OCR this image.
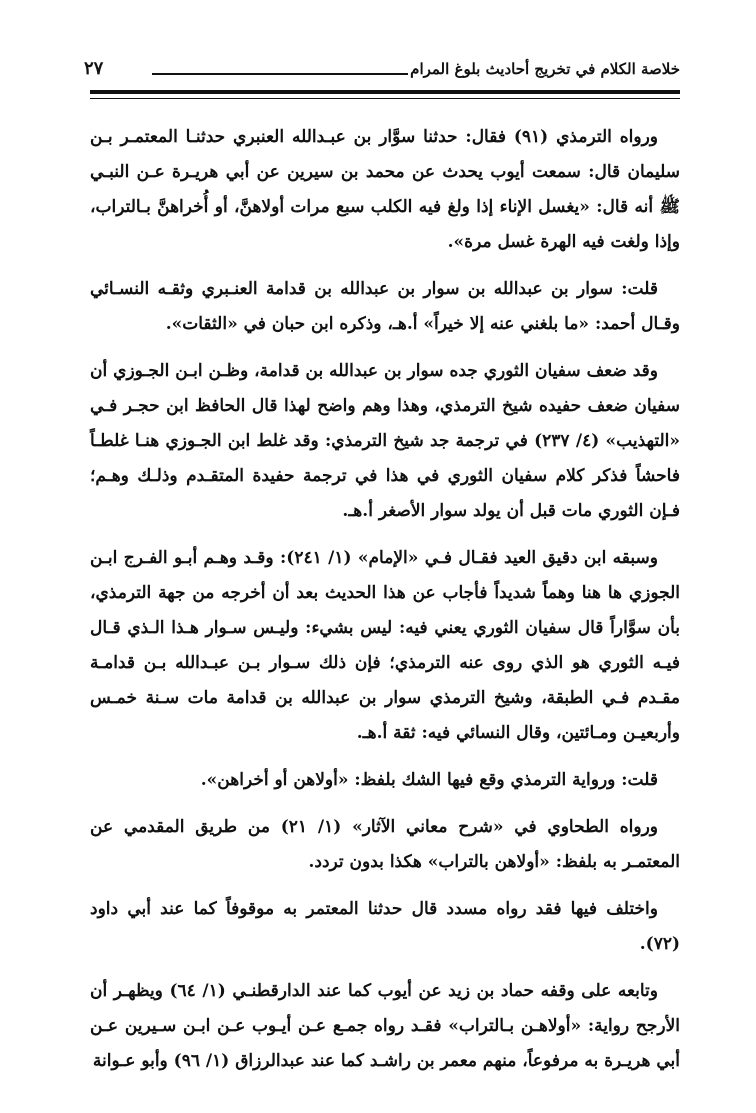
خلاصة الكلام في تخريج أحاديث بلوغ المرام
٢٧

ورواه الترمذي (٩١) فقال: حدثنا سوَّار بن عبـدالله العنبري حدثنـا المعتمـر بـن سليمان قال: سمعت أيوب يحدث عن محمد بن سيرين عن أبي هريـرة عـن النبـي ﷺ أنه قال: «يغسل الإناء إذا ولغ فيه الكلب سبع مرات أولاهنَّ، أو أُخراهنَّ بـالتراب، وإذا ولغت فيه الهرة غسل مرة».

قلت: سوار بن عبدالله بن سوار بن عبدالله بن قدامة العنـبري وثقـه النسـائي وقـال أحمد: «ما بلغني عنه إلا خيراً» أ.هـ، وذكره ابن حبان في «الثقات».

وقد ضعف سفيان الثوري جده سوار بن عبدالله بن قدامة، وظـن ابـن الجـوزي أن سفيان ضعف حفيده شيخ الترمذي، وهذا وهم واضح لهذا قال الحافظ ابن حجـر فـي «التهذيب» (٤/ ٢٣٧) في ترجمة جد شيخ الترمذي: وقد غلط ابن الجـوزي هنـا غلطـاً فاحشاً فذكر كلام سفيان الثوري في هذا في ترجمة حفيدة المتقـدم وذلـك وهـم؛ فـإن الثوري مات قبل أن يولد سوار الأصغر أ.هـ.

وسبقه ابن دقيق العيد فقـال فـي «الإمام» (١/ ٢٤١): وقـد وهـم أبـو الفـرج ابـن الجوزي ها هنا وهماً شديداً فأجاب عن هذا الحديث بعد أن أخرجه من جهة الترمذي، بأن سوَّاراً قال سفيان الثوري يعني فيه: ليس بشيء: وليـس سـوار هـذا الـذي قـال فيـه الثوري هو الذي روى عنه الترمذي؛ فإن ذلك سـوار بـن عبـدالله بـن قدامـة مقـدم فـي الطبقة، وشيخ الترمذي سوار بن عبدالله بن قدامة مات سـنة خمـس وأربعيـن ومـائتين، وقال النسائي فيه: ثقة أ.هـ.

قلت: ورواية الترمذي وقع فيها الشك بلفظ: «أولاهن أو أخراهن».

ورواه الطحاوي في «شرح معاني الآثار» (١/ ٢١) من طريق المقدمي عن المعتمـر به بلفظ: «أولاهن بالتراب» هكذا بدون تردد.

واختلف فيها فقد رواه مسدد قال حدثنا المعتمر به موقوفاً كما عند أبي داود (٧٢).

وتابعه على وقفه حماد بن زيد عن أيوب كما عند الدارقطنـي (١/ ٦٤) ويظهـر أن الأرجح رواية: «أولاهـن بـالتراب» فقـد رواه جمـع عـن أيـوب عـن ابـن سـيرين عـن أبي هريـرة به مرفوعاً، منهم معمر بن راشـد كما عند عبدالرزاق (١/ ٩٦) وأبو عـوانة
